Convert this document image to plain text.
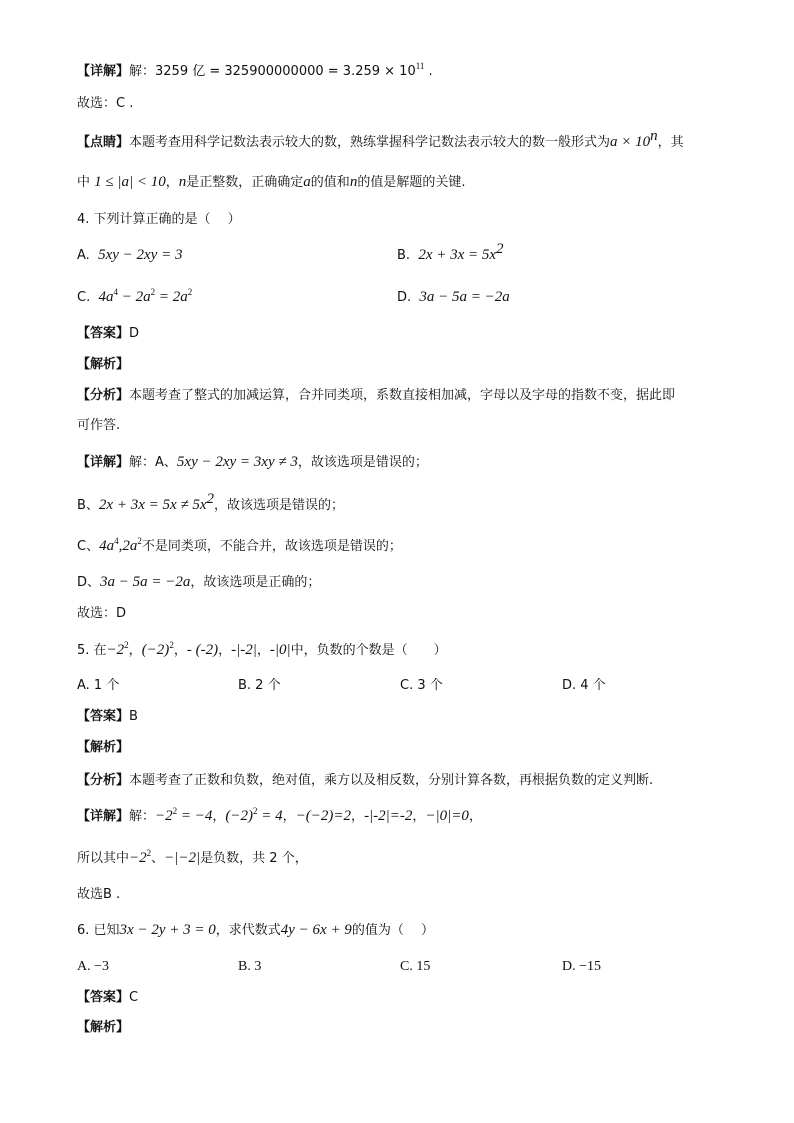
【详解】解：3259 亿 = $325900000000 = 3.259 \times 10^{11}$ .
故选：C .
【点睛】本题考查用科学记数法表示较大的数，熟练掌握科学记数法表示较大的数一般形式为$a \times 10^n$，其
中 1 ≤ |a| < 10，n是正整数，正确确定a的值和n的值是解题的关键.
4. 下列计算正确的是（　 ）
A. 5xy − 2xy = 3	B. $2x + 3x = 5x^2$
C. $4a^4 - 2a^2 = 2a^2$	D. 3a − 5a = −2a
【答案】D
【解析】
【分析】本题考查了整式的加减运算，合并同类项，系数直接相加减，字母以及字母的指数不变，据此即
可作答.
【详解】解：A、5xy − 2xy = 3xy ≠ 3，故该选项是错误的；
B、$2x + 3x = 5x \ne 5x^2$，故该选项是错误的；
C、$4a^4,2a^2$不是同类项，不能合并，故该选项是错误的；
D、3a − 5a = −2a，故该选项是正确的；
故选：D
5. 在$-2^2$，$(-2)^2$，- (-2)，-|-2|，-|0|中，负数的个数是（　　）
A. 1 个	B. 2 个	C. 3 个	D. 4 个
【答案】B
【解析】
【分析】本题考查了正数和负数，绝对值，乘方以及相反数，分别计算各数，再根据负数的定义判断.
【详解】解：$-2^2 = -4$，$(-2)^2 = 4$，−(−2)=2，-|-2|=-2，−|0|=0，
所以其中$-2^2$、−|−2|是负数，共 2 个，
故选B .
6. 已知3x − 2y + 3 = 0，求代数式4y − 6x + 9的值为（　 ）
A. −3	B. 3	C. 15	D. −15
【答案】C
【解析】
